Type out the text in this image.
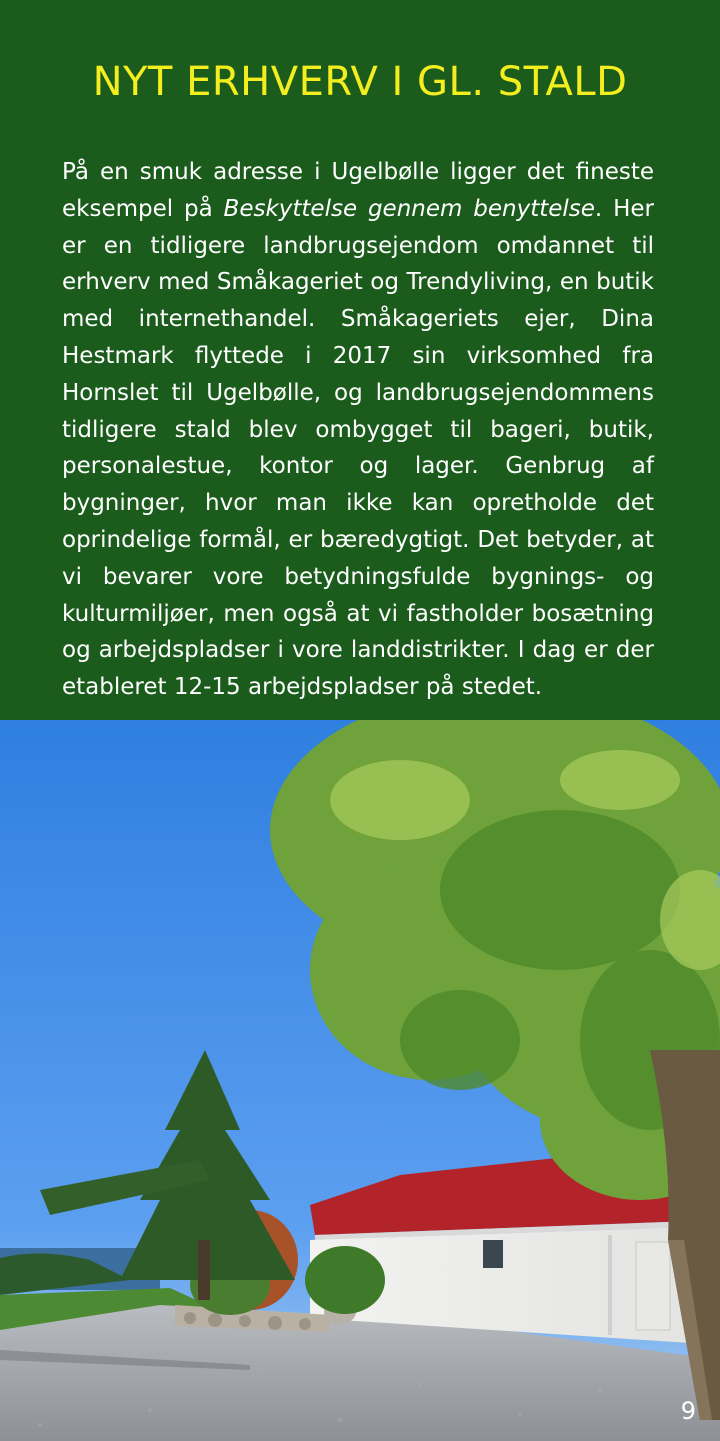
NYT ERHVERV I GL. STALD

På en smuk adresse i Ugelbølle ligger det fineste eksempel på Beskyttelse gennem benyttelse. Her er en tidligere landbrugsejendom omdannet til erhverv med Småkageriet og Trendyliving, en butik med internethandel. Småkageriets ejer, Dina Hestmark flyttede i 2017 sin virksomhed fra Hornslet til Ugelbølle, og landbrugsejendommens tidligere stald blev ombygget til bageri, butik, personalestue, kontor og lager. Genbrug af bygninger, hvor man ikke kan opretholde det oprindelige formål, er bæredygtigt. Det betyder, at vi bevarer vore betydningsfulde bygnings- og kulturmiljøer, men også at vi fastholder bosætning og arbejdspladser i vore landdistrikter. I dag er der etableret 12-15 arbejdspladser på stedet.

9
